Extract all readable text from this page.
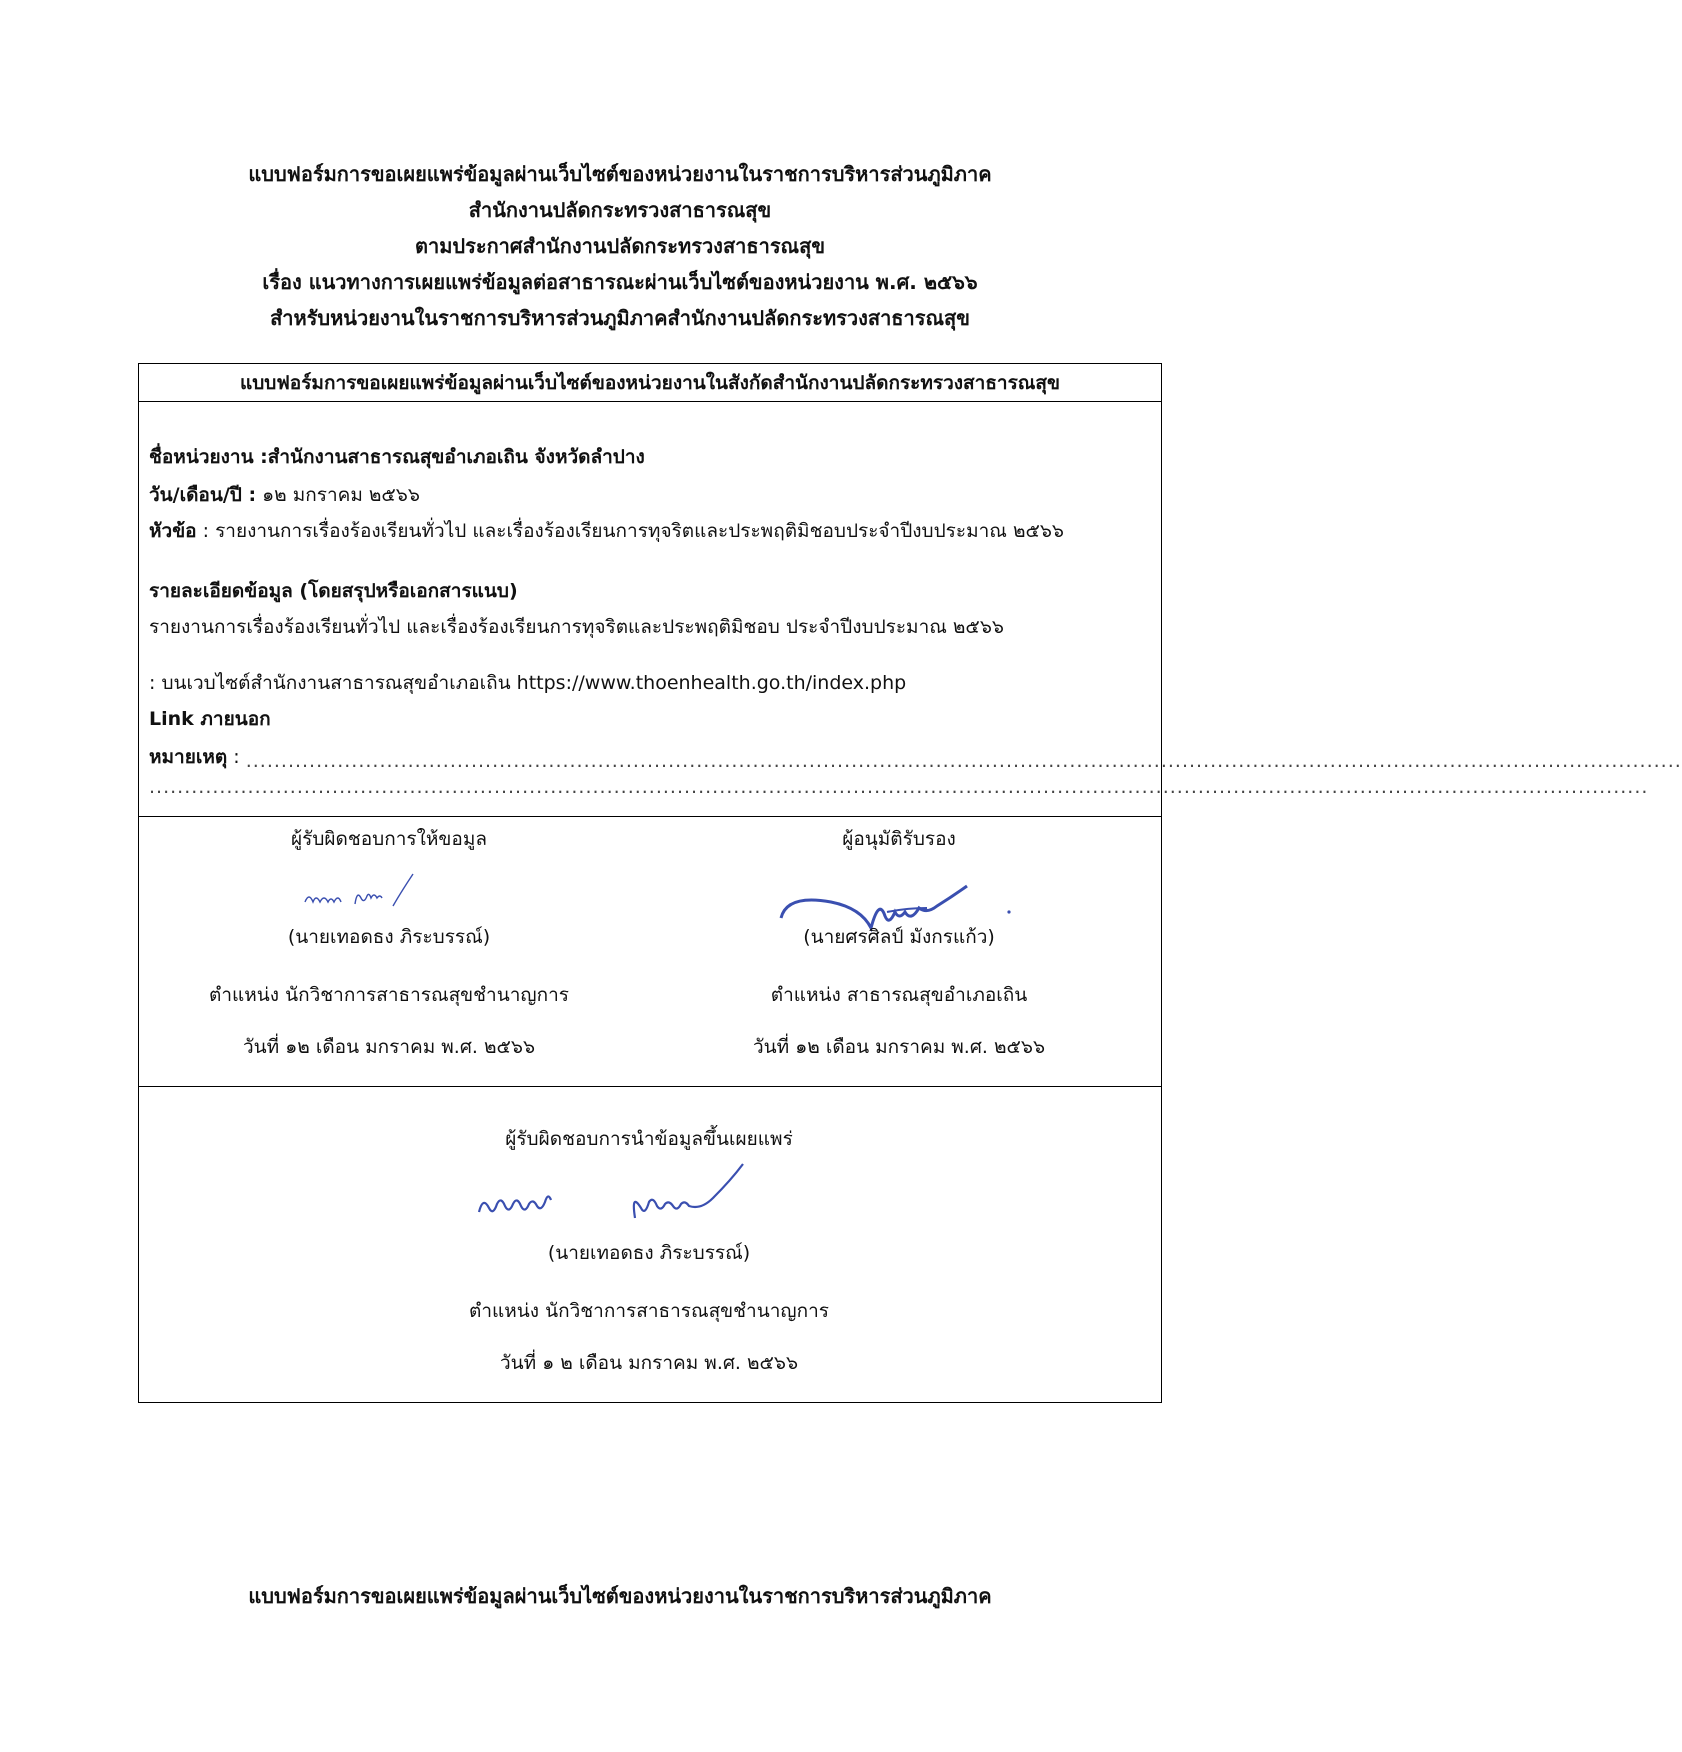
แบบฟอร์มการขอเผยแพร่ข้อมูลผ่านเว็บไซต์ของหน่วยงานในราชการบริหารส่วนภูมิภาค
สำนักงานปลัดกระทรวงสาธารณสุข
ตามประกาศสำนักงานปลัดกระทรวงสาธารณสุข
เรื่อง แนวทางการเผยแพร่ข้อมูลต่อสาธารณะผ่านเว็บไซต์ของหน่วยงาน พ.ศ. ๒๕๖๖
สำหรับหน่วยงานในราชการบริหารส่วนภูมิภาคสำนักงานปลัดกระทรวงสาธารณสุข
แบบฟอร์มการขอเผยแพร่ข้อมูลผ่านเว็บไซต์ของหน่วยงานในสังกัดสำนักงานปลัดกระทรวงสาธารณสุข
ชื่อหน่วยงาน :สำนักงานสาธารณสุขอำเภอเถิน จังหวัดลำปาง
วัน/เดือน/ปี : ๑๒ มกราคม ๒๕๖๖
หัวข้อ : รายงานการเรื่องร้องเรียนทั่วไป และเรื่องร้องเรียนการทุจริตและประพฤติมิชอบประจำปีงบประมาณ ๒๕๖๖
รายละเอียดข้อมูล (โดยสรุปหรือเอกสารแนบ)
รายงานการเรื่องร้องเรียนทั่วไป และเรื่องร้องเรียนการทุจริตและประพฤติมิชอบ ประจำปีงบประมาณ ๒๕๖๖
: บนเวบไซต์สำนักงานสาธารณสุขอำเภอเถิน https://www.thoenhealth.go.th/index.php
Link ภายนอก
หมายเหตุ : ............................................................................................................................................................................................................
.....................................................................................................................................................................................................................
ผู้รับผิดชอบการให้ขอมูล
(นายเทอดธง ภิระบรรณ์)
ตำแหน่ง นักวิชาการสาธารณสุขชำนาญการ
วันที่ ๑๒ เดือน มกราคม พ.ศ. ๒๕๖๖
ผู้อนุมัติรับรอง
(นายศรศิลป์ มังกรแก้ว)
ตำแหน่ง สาธารณสุขอำเภอเถิน
วันที่ ๑๒ เดือน มกราคม พ.ศ. ๒๕๖๖
ผู้รับผิดชอบการนำข้อมูลขึ้นเผยแพร่
(นายเทอดธง ภิระบรรณ์)
ตำแหน่ง นักวิชาการสาธารณสุขชำนาญการ
วันที่ ๑ ๒ เดือน มกราคม พ.ศ. ๒๕๖๖
แบบฟอร์มการขอเผยแพร่ข้อมูลผ่านเว็บไซต์ของหน่วยงานในราชการบริหารส่วนภูมิภาค
